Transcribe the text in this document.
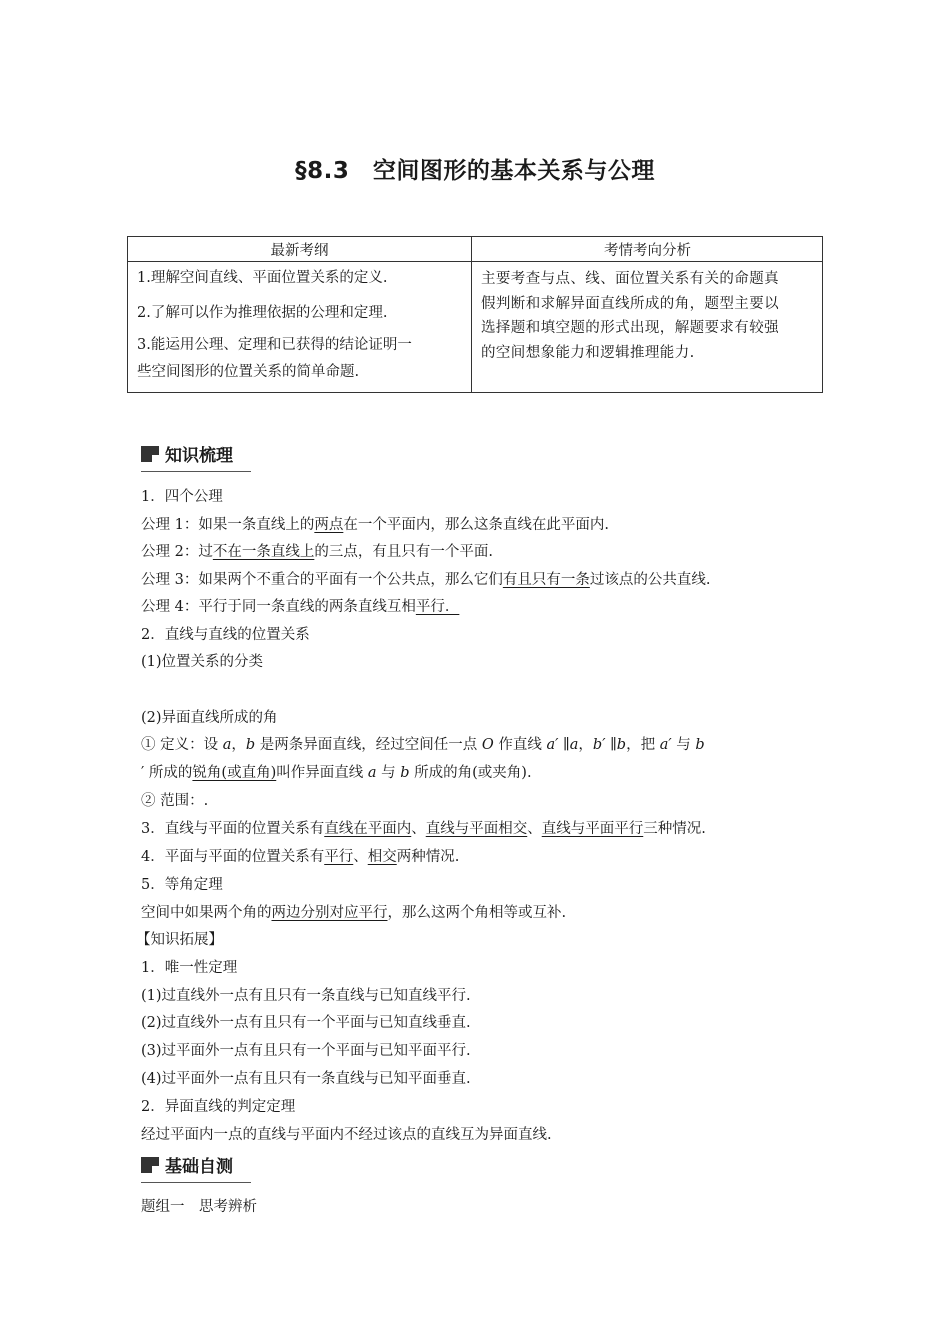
§8.3　空间图形的基本关系与公理
最新考纲	考情考向分析
1.理解空间直线、平面位置关系的定义.
2.了解可以作为推理依据的公理和定理.
3.能运用公理、定理和已获得的结论证明一
些空间图形的位置关系的简单命题.
主要考查与点、线、面位置关系有关的命题真
假判断和求解异面直线所成的角，题型主要以
选择题和填空题的形式出现，解题要求有较强
的空间想象能力和逻辑推理能力.
知识梳理
1．四个公理
公理 1：如果一条直线上的两点在一个平面内，那么这条直线在此平面内.
公理 2：过不在一条直线上的三点，有且只有一个平面.
公理 3：如果两个不重合的平面有一个公共点，那么它们有且只有一条过该点的公共直线.
公理 4：平行于同一条直线的两条直线互相平行．
2．直线与直线的位置关系
(1)位置关系的分类
(2)异面直线所成的角
① 定义：设 a，b 是两条异面直线，经过空间任一点 O 作直线 a′ ∥a，b′ ∥b，把 a′ 与 b
′ 所成的锐角(或直角)叫作异面直线 a 与 b 所成的角(或夹角).
② 范围：.
3．直线与平面的位置关系有直线在平面内、直线与平面相交、直线与平面平行三种情况.
4．平面与平面的位置关系有平行、相交两种情况.
5．等角定理
空间中如果两个角的两边分别对应平行，那么这两个角相等或互补.
【知识拓展】
1．唯一性定理
(1)过直线外一点有且只有一条直线与已知直线平行.
(2)过直线外一点有且只有一个平面与已知直线垂直.
(3)过平面外一点有且只有一个平面与已知平面平行.
(4)过平面外一点有且只有一条直线与已知平面垂直.
2．异面直线的判定定理
经过平面内一点的直线与平面内不经过该点的直线互为异面直线.
基础自测
题组一　思考辨析
